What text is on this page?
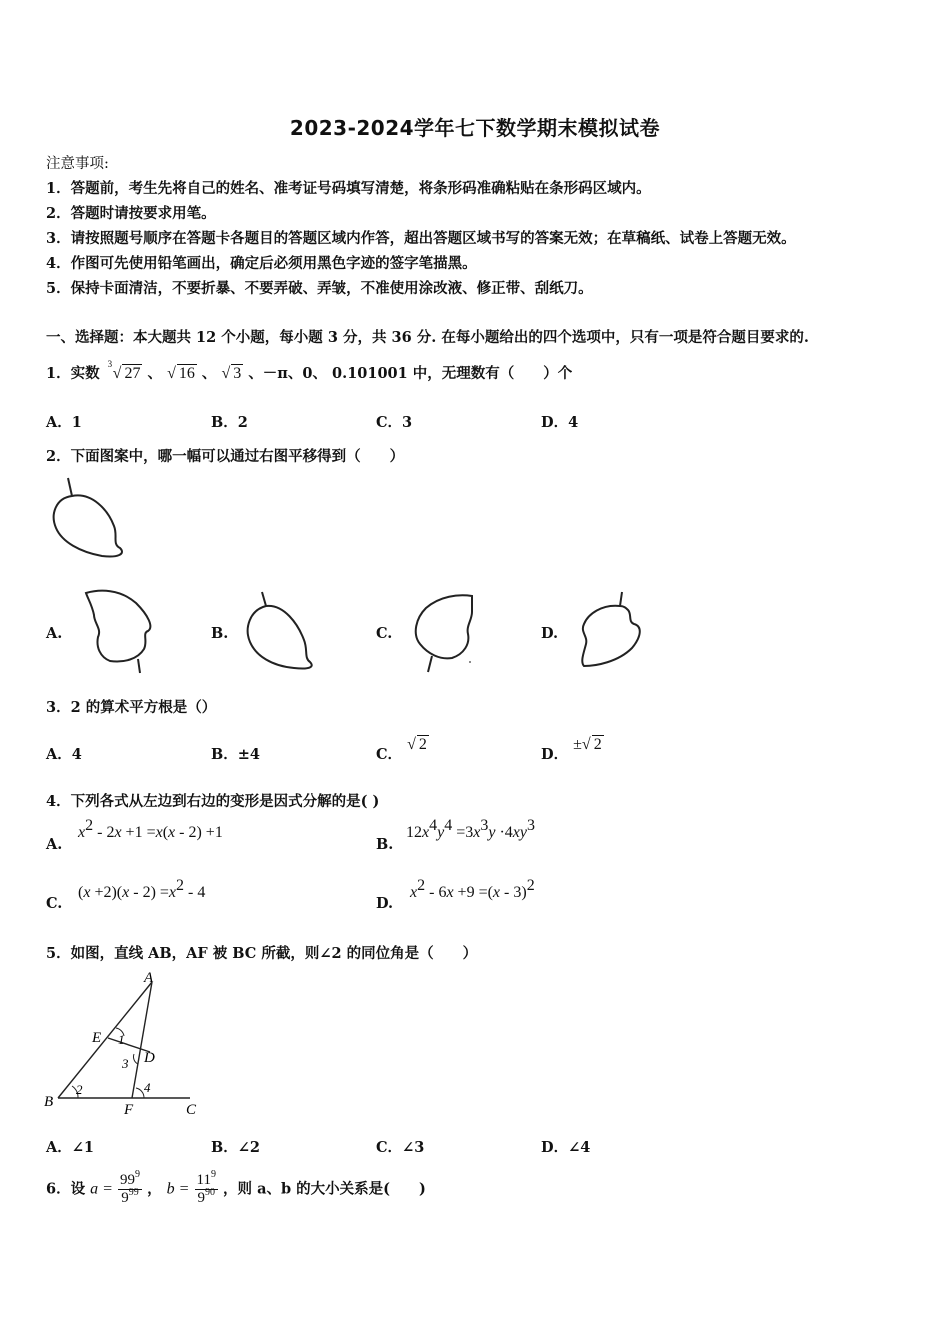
2023-2024学年七下数学期末模拟试卷
注意事项:
1．答题前，考生先将自己的姓名、准考证号码填写清楚，将条形码准确粘贴在条形码区域内。
2．答题时请按要求用笔。
3．请按照题号顺序在答题卡各题目的答题区域内作答，超出答题区域书写的答案无效；在草稿纸、试卷上答题无效。
4．作图可先使用铅笔画出，确定后必须用黑色字迹的签字笔描黑。
5．保持卡面清洁，不要折暴、不要弄破、弄皱，不准使用涂改液、修正带、刮纸刀。
一、选择题：本大题共 12 个小题，每小题 3 分，共 36 分. 在每小题给出的四个选项中，只有一项是符合题目要求的.
1．实数 √
3
27 、 √ 16 、 √ 3 、－π、0、 0.101001 中，无理数有（　　）个
A．1	B．2	C．3	D．4
2．下面图案中，哪一幅可以通过右图平移得到（　　）
A.	B.	C.	D.
3．2 的算术平方根是（）
A．4	B．±4	C． √ 2
D． ±√ 2
4．下列各式从左边到右边的变形是因式分解的是( )
A.
$x^2 - 2x +1 =x(x - 2) +1$
B.
$12x^4y^4 =3x^3y \cdot 4xy^3$
C.
$(x +2)(x - 2) =x^2 - 4$
D.
$x^2 - 6x +9 =(x - 3)^2$
5．如图，直线 AB，AF 被 BC 所截，则∠2 的同位角是（　　）
A
E
D
B	F	C
1
2
3
4
A．∠1	B．∠2	C．∠3	D．∠4
6．设 $a = \frac{99^9}{9^{99}}$ ， $b = \frac{11^9}{9^{90}}$ ，则 a、b 的大小关系是(　　)
